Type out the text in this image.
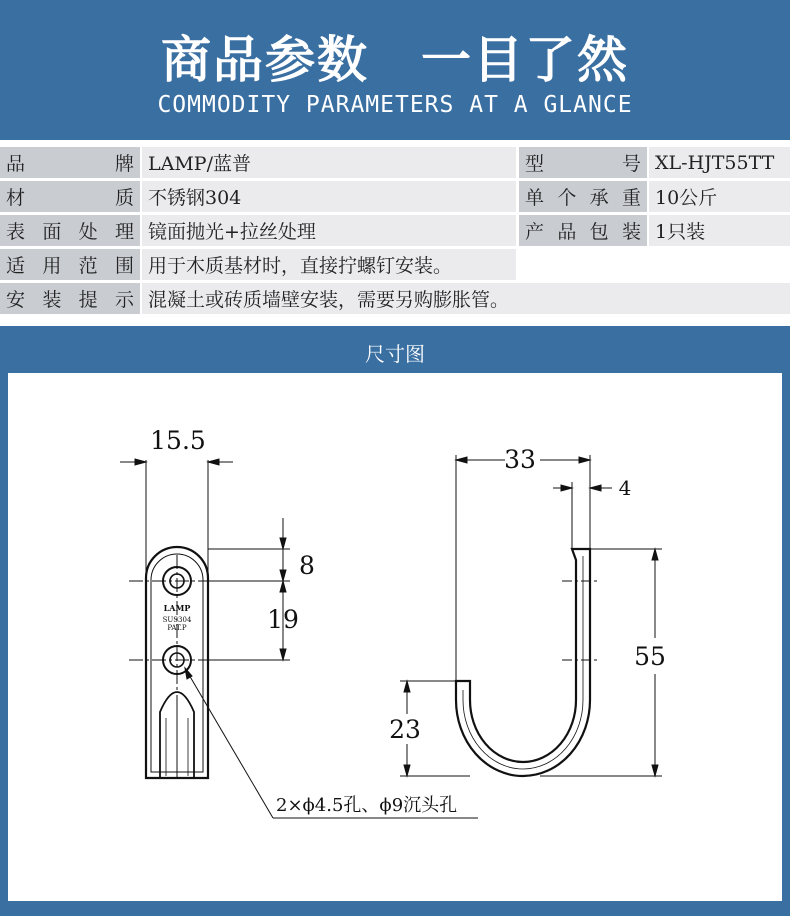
商品参数　一目了然
COMMODITY PARAMETERS AT A GLANCE
品　　牌	LAMP/蓝普	型　　号	XL-HJT55TT
材　　质	不锈钢304	单个承重	10公斤
表面处理	镜面抛光+拉丝处理	产品包装	1只装
适用范围	用于木质基材时，直接拧螺钉安装。		
安装提示	混凝土或砖质墙壁安装，需要另购膨胀管。		
尺寸图
15.5
8
19
33
4
55
23
2×ϕ4.5孔、ϕ9沉头孔
LAMP
SUS304
PAT.P
